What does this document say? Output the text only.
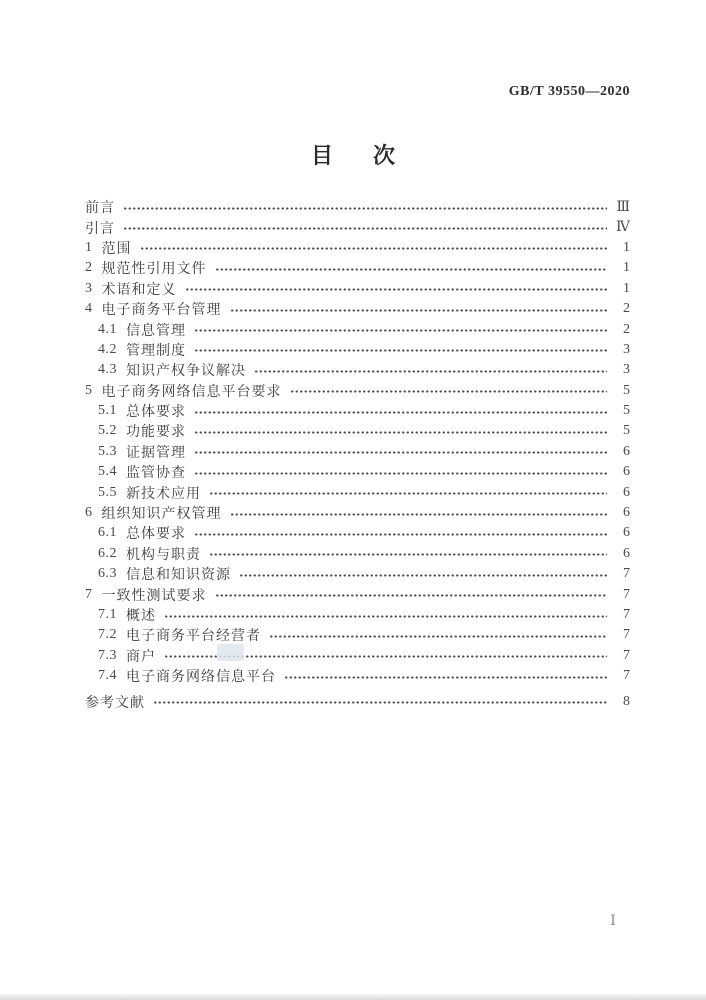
GB/T 39550—2020
目　次
前言	Ⅲ
引言	Ⅳ
1 范围	1
2 规范性引用文件	1
3 术语和定义	1
4 电子商务平台管理	2
4.1 信息管理	2
4.2 管理制度	3
4.3 知识产权争议解决	3
5 电子商务网络信息平台要求	5
5.1 总体要求	5
5.2 功能要求	5
5.3 证据管理	6
5.4 监管协查	6
5.5 新技术应用	6
6 组织知识产权管理	6
6.1 总体要求	6
6.2 机构与职责	6
6.3 信息和知识资源	7
7 一致性测试要求	7
7.1 概述	7
7.2 电子商务平台经营者	7
7.3 商户	7
7.4 电子商务网络信息平台	7
参考文献	8
Ⅰ
